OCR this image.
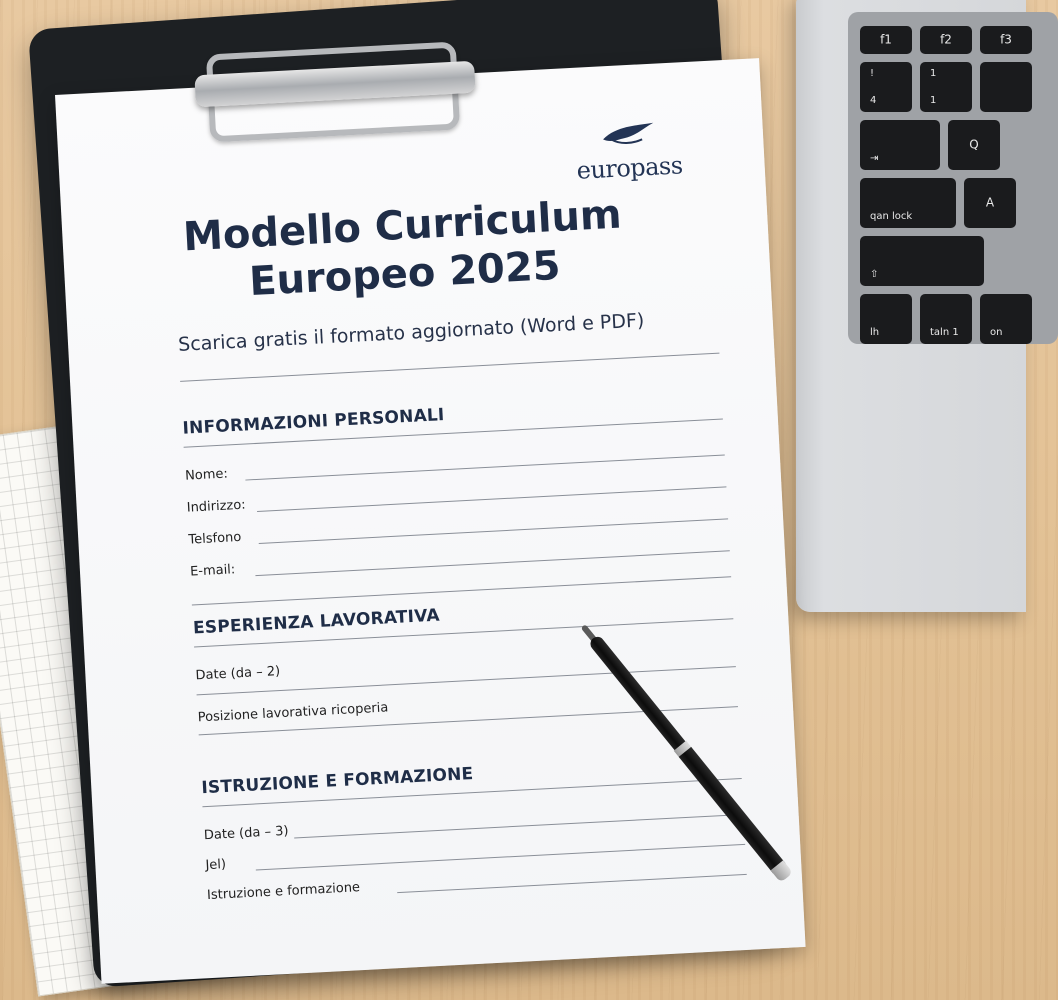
f1	f2	f3
!
4
1
1
⇥
Q
qan lock
A
⇧
lh	taln 1	on
europass
Modello Curriculum
Europeo 2025
Scarica gratis il formato aggiornato (Word e PDF)
INFORMAZIONI PERSONALI
Nome:
Indirizzo:
Telsfono
E-mail:
ESPERIENZA LAVORATIVA
Date (da – 2)
Posizione lavorativa ricoperia
ISTRUZIONE E FORMAZIONE
Date (da – 3)
Jel)
Istruzione e formazione
